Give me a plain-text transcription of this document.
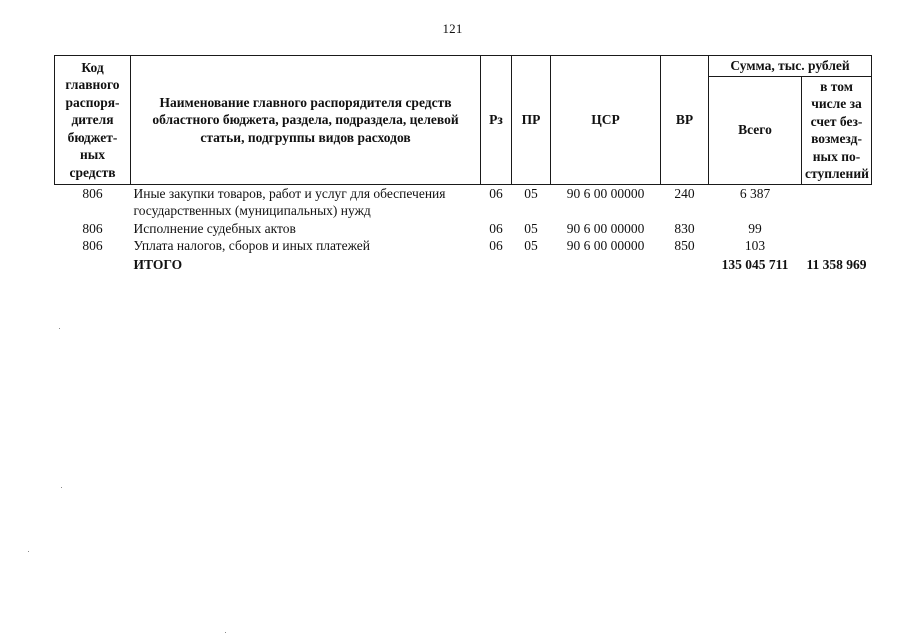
121
Код главного распоря-дителя бюджет-ных средств	Наименование главного распорядителя средств областного бюджета, раздела, подраздела, целевой статьи, подгруппы видов расходов	Рз	ПР	ЦСР	ВР	Сумма, тыс. рублей	
						Всего	в том числе за счет без-возмезд-ных по-ступлений
806	Иные закупки товаров, работ и услуг для обеспечения государственных (муниципальных) нужд	06	05	90 6 00 00000	240	6 387	
806	Исполнение судебных актов	06	05	90 6 00 00000	830	99	
806	Уплата налогов, сборов и иных платежей	06	05	90 6 00 00000	850	103	
	ИТОГО					135 045 711	11 358 969
